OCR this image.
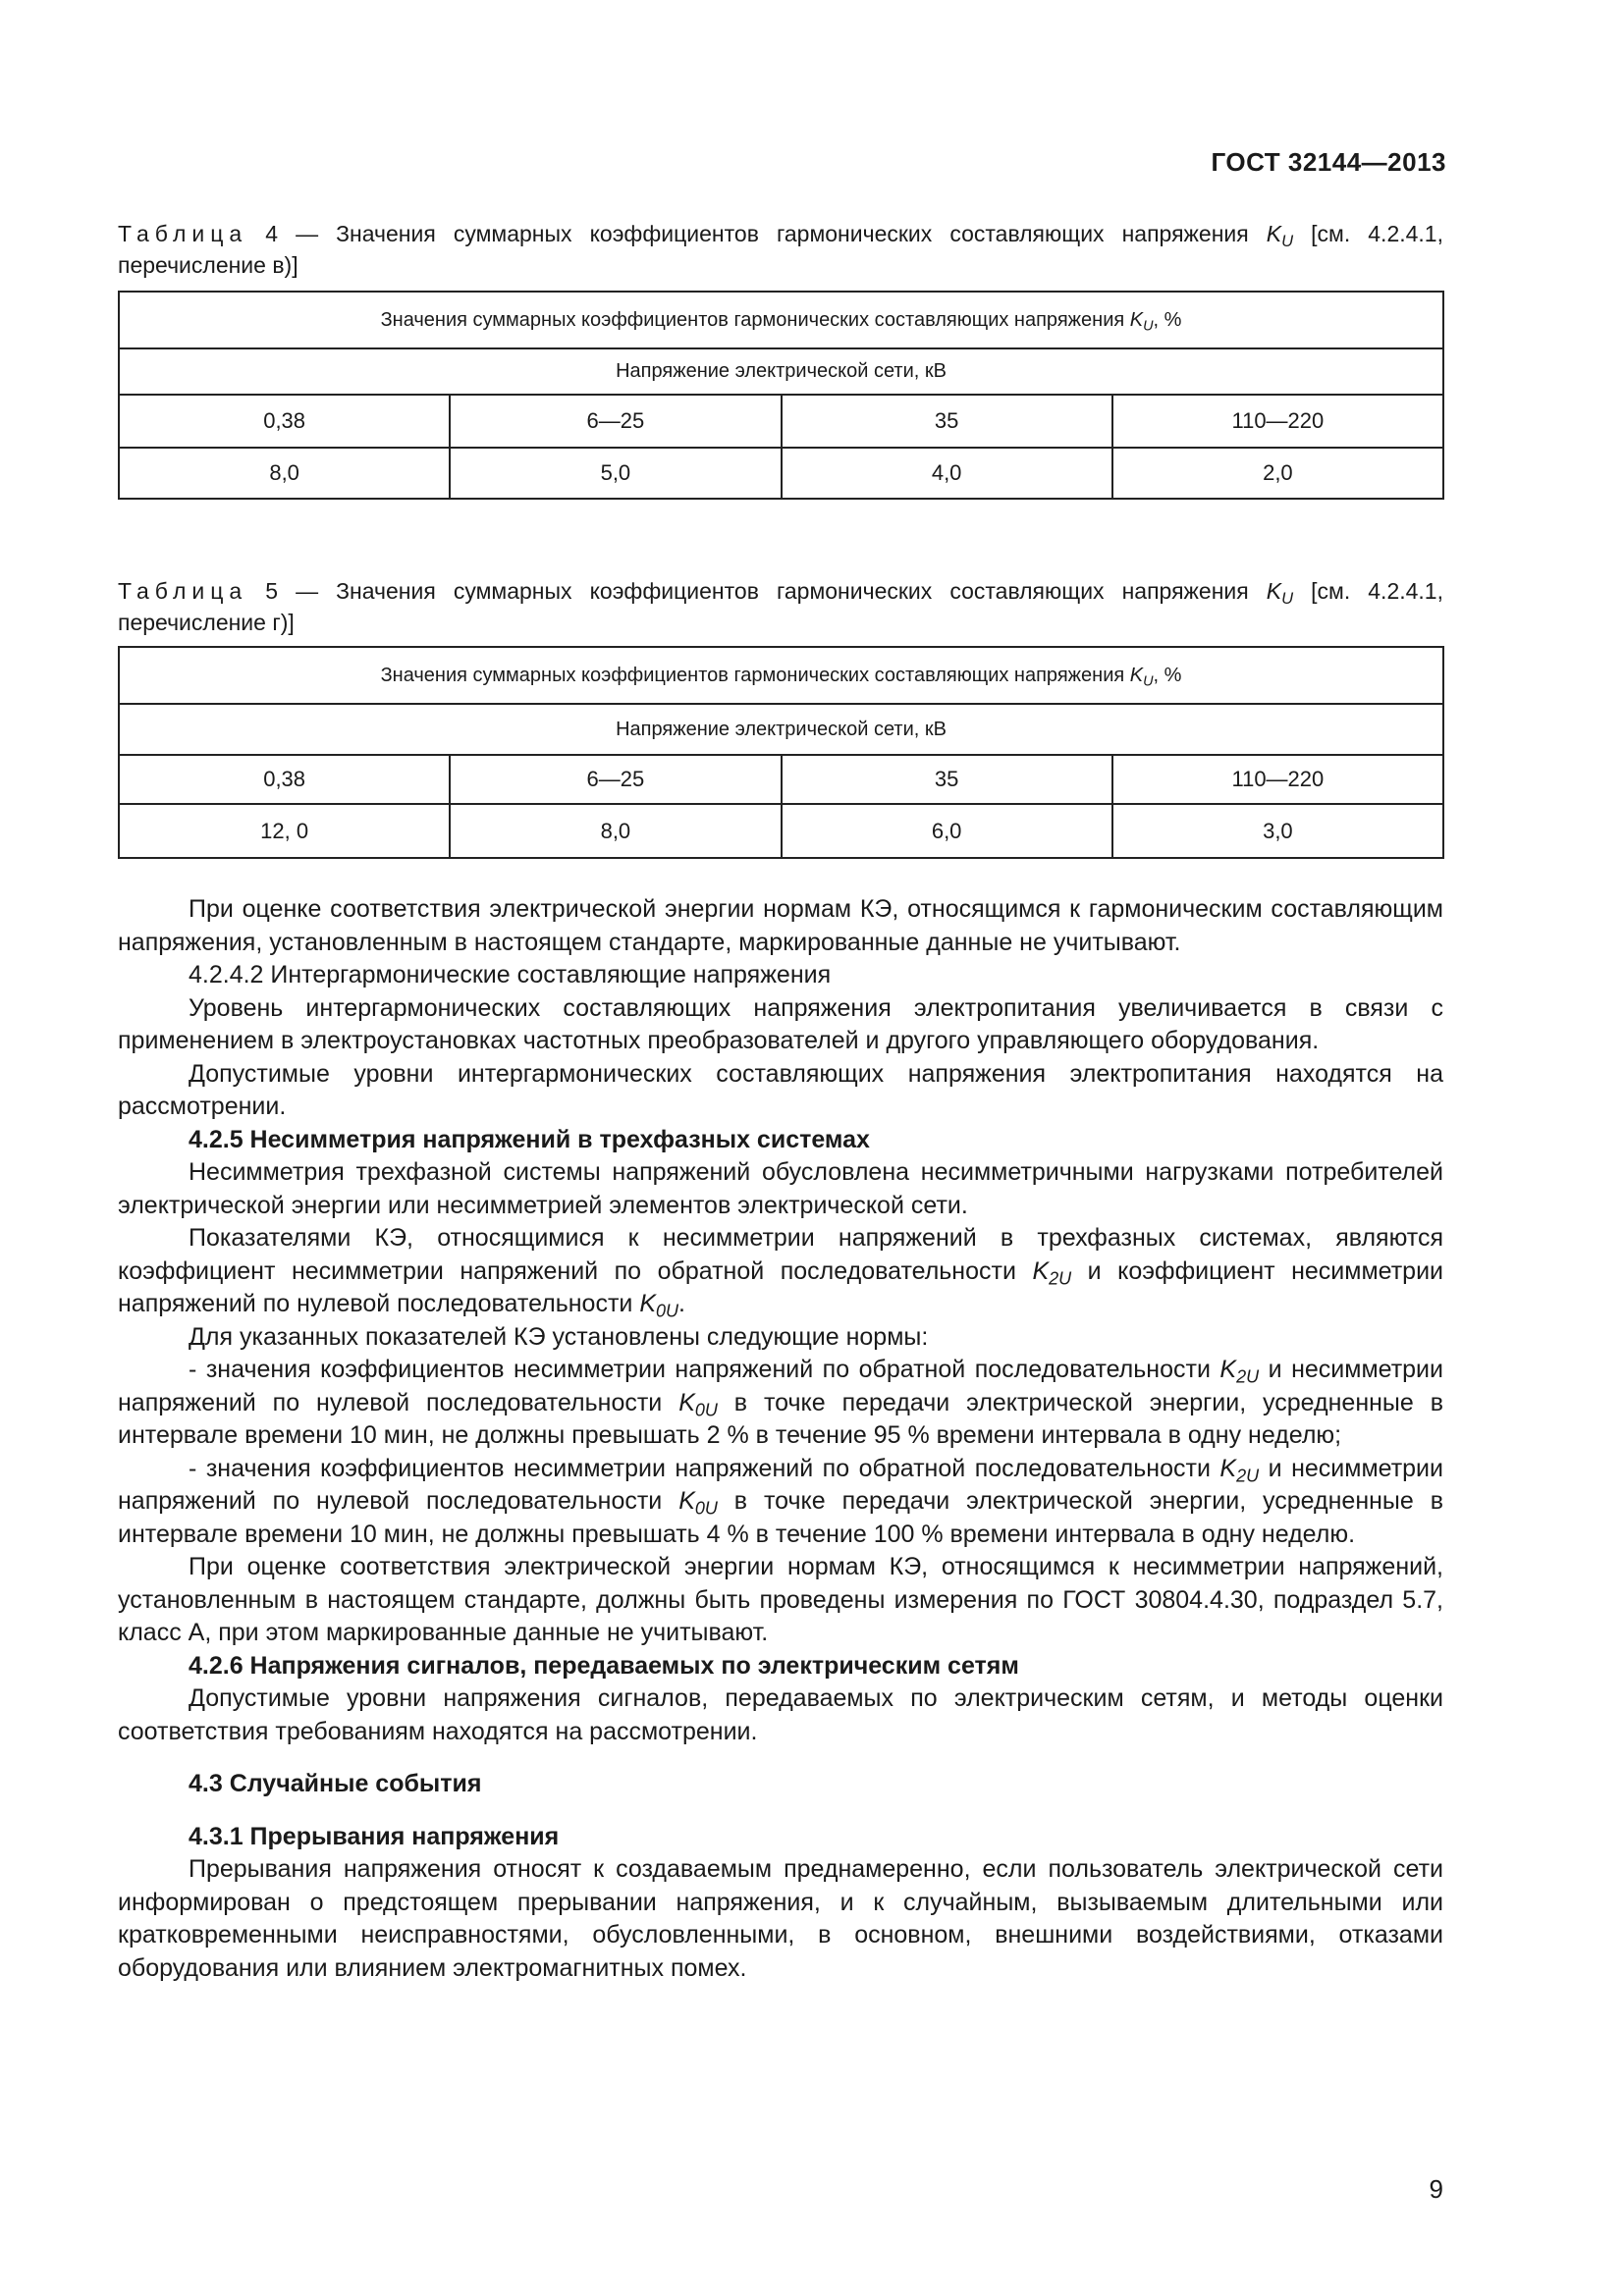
ГОСТ 32144—2013
Таблица 4 — Значения суммарных коэффициентов гармонических составляющих напряжения $K_U$ [см. 4.2.4.1, перечисление в)]
Значения суммарных коэффициентов гармонических составляющих напряжения $K_U$, %			
Напряжение электрической сети, кВ			
0,38	6—25	35	110—220
8,0	5,0	4,0	2,0
Таблица 5 — Значения суммарных коэффициентов гармонических составляющих напряжения $K_U$ [см. 4.2.4.1, перечисление г)]
Значения суммарных коэффициентов гармонических составляющих напряжения $K_U$, %			
Напряжение электрической сети, кВ			
0,38	6—25	35	110—220
12, 0	8,0	6,0	3,0

При оценке соответствия электрической энергии нормам КЭ, относящимся к гармоническим составляющим напряжения, установленным в настоящем стандарте, маркированные данные не учитывают.

4.2.4.2 Интергармонические составляющие напряжения

Уровень интергармонических составляющих напряжения электропитания увеличивается в связи с применением в электроустановках частотных преобразователей и другого управляющего оборудования.

Допустимые уровни интергармонических составляющих напряжения электропитания находятся на рассмотрении.

4.2.5 Несимметрия напряжений в трехфазных системах

Несимметрия трехфазной системы напряжений обусловлена несимметричными нагрузками потребителей электрической энергии или несимметрией элементов электрической сети.

Показателями КЭ, относящимися к несимметрии напряжений в трехфазных системах, являются коэффициент несимметрии напряжений по обратной последовательности $K_{2U}$ и коэффициент несимметрии напряжений по нулевой последовательности $K_{0U}$.

Для указанных показателей КЭ установлены следующие нормы:

- значения коэффициентов несимметрии напряжений по обратной последовательности $K_{2U}$ и несимметрии напряжений по нулевой последовательности $K_{0U}$ в точке передачи электрической энергии, усредненные в интервале времени 10 мин, не должны превышать 2 % в течение 95 % времени интервала в одну неделю;

- значения коэффициентов несимметрии напряжений по обратной последовательности $K_{2U}$ и несимметрии напряжений по нулевой последовательности $K_{0U}$ в точке передачи электрической энергии, усредненные в интервале времени 10 мин, не должны превышать 4 % в течение 100 % времени интервала в одну неделю.

При оценке соответствия электрической энергии нормам КЭ, относящимся к несимметрии напряжений, установленным в настоящем стандарте, должны быть проведены измерения по ГОСТ 30804.4.30, подраздел 5.7, класс А, при этом маркированные данные не учитывают.

4.2.6 Напряжения сигналов, передаваемых по электрическим сетям

Допустимые уровни напряжения сигналов, передаваемых по электрическим сетям, и методы оценки соответствия требованиям находятся на рассмотрении.

4.3 Случайные события

4.3.1 Прерывания напряжения

Прерывания напряжения относят к создаваемым преднамеренно, если пользователь электрической сети информирован о предстоящем прерывании напряжения, и к случайным, вызываемым длительными или кратковременными неисправностями, обусловленными, в основном, внешними воздействиями, отказами оборудования или влиянием электромагнитных помех.

9
